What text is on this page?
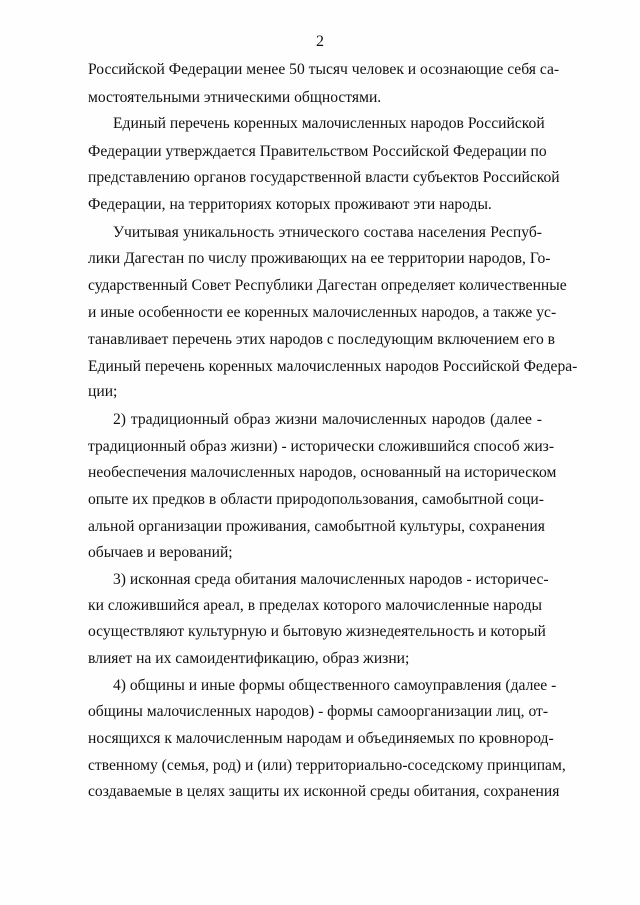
2
Российской Федерации менее 50 тысяч человек и осознающие себя са-
мостоятельными этническими общностями.
Единый перечень коренных малочисленных народов Российской
Федерации утверждается Правительством Российской Федерации по
представлению органов государственной власти субъектов Российской
Федерации, на территориях которых проживают эти народы.
Учитывая уникальность этнического состава населения Респуб-
лики Дагестан по числу проживающих на ее территории народов, Го-
сударственный Совет Республики Дагестан определяет количественные
и иные особенности ее коренных малочисленных народов, а также ус-
танавливает перечень этих народов с последующим включением его в
Единый перечень коренных малочисленных народов Российской Федера-
ции;
2) традиционный образ жизни малочисленных народов (далее -
традиционный образ жизни) - исторически сложившийся способ жиз-
необеспечения малочисленных народов, основанный на историческом
опыте их предков в области природопользования, самобытной соци-
альной организации проживания, самобытной культуры, сохранения
обычаев и верований;
3) исконная среда обитания малочисленных народов - историчес-
ки сложившийся ареал, в пределах которого малочисленные народы
осуществляют культурную и бытовую жизнедеятельность и который
влияет на их самоидентификацию, образ жизни;
4) общины и иные формы общественного самоуправления (далее -
общины малочисленных народов) - формы самоорганизации лиц, от-
носящихся к малочисленным народам и объединяемых по кровнород-
ственному (семья, род) и (или) территориально-соседскому принципам,
создаваемые в целях защиты их исконной среды обитания, сохранения
